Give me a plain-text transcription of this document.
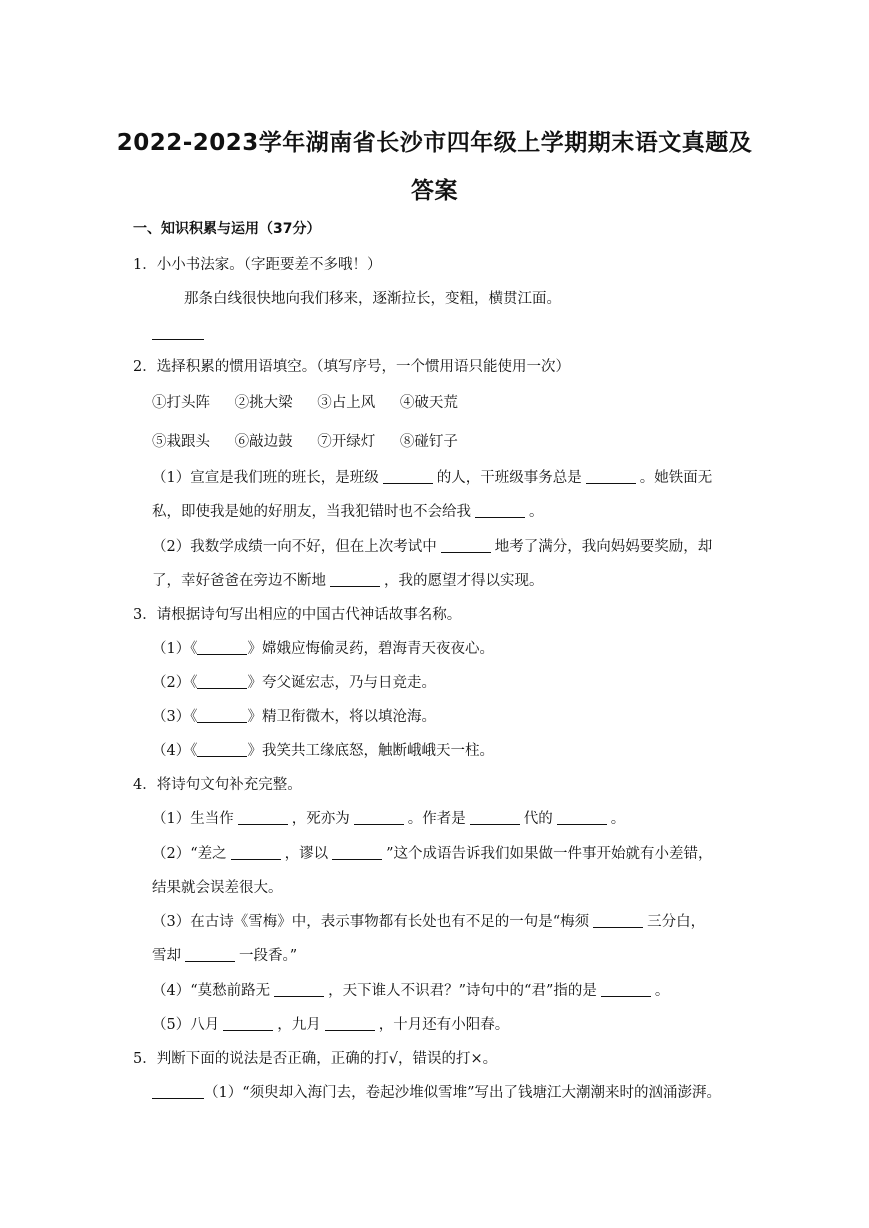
2022-2023学年湖南省长沙市四年级上学期期末语文真题及
答案
一、知识积累与运用（37分）
1．小小书法家。（字距要差不多哦！）
那条白线很快地向我们移来，逐渐拉长，变粗，横贯江面。
2．选择积累的惯用语填空。（填写序号，一个惯用语只能使用一次）
①打头阵 ②挑大梁 ③占上风 ④破天荒
⑤栽跟头 ⑥敲边鼓 ⑦开绿灯 ⑧碰钉子
（1）宣宣是我们班的班长，是班级	的人，干班级事务总是	。她铁面无
私，即使我是她的好朋友，当我犯错时也不会给我	。
（2）我数学成绩一向不好，但在上次考试中	地考了满分，我向妈妈要奖励，却
了，幸好爸爸在旁边不断地	，我的愿望才得以实现。
3．请根据诗句写出相应的中国古代神话故事名称。
（1）《	》嫦娥应悔偷灵药，碧海青天夜夜心。
（2）《	》夸父诞宏志，乃与日竞走。
（3）《	》精卫衔微木，将以填沧海。
（4）《	》我笑共工缘底怒，触断峨峨天一柱。
4．将诗句文句补充完整。
（1）生当作	，死亦为	。作者是	代的	。
（2）“差之	，谬以	”这个成语告诉我们如果做一件事开始就有小差错，
结果就会误差很大。
（3）在古诗《雪梅》中，表示事物都有长处也有不足的一句是“梅须	三分白，
雪却	一段香。”
（4）“莫愁前路无	，天下谁人不识君？”诗句中的“君”指的是	。
（5）八月	，九月	，十月还有小阳春。
5．判断下面的说法是否正确，正确的打√，错误的打×。
（1）“须臾却入海门去，卷起沙堆似雪堆”写出了钱塘江大潮潮来时的汹涌澎湃。
